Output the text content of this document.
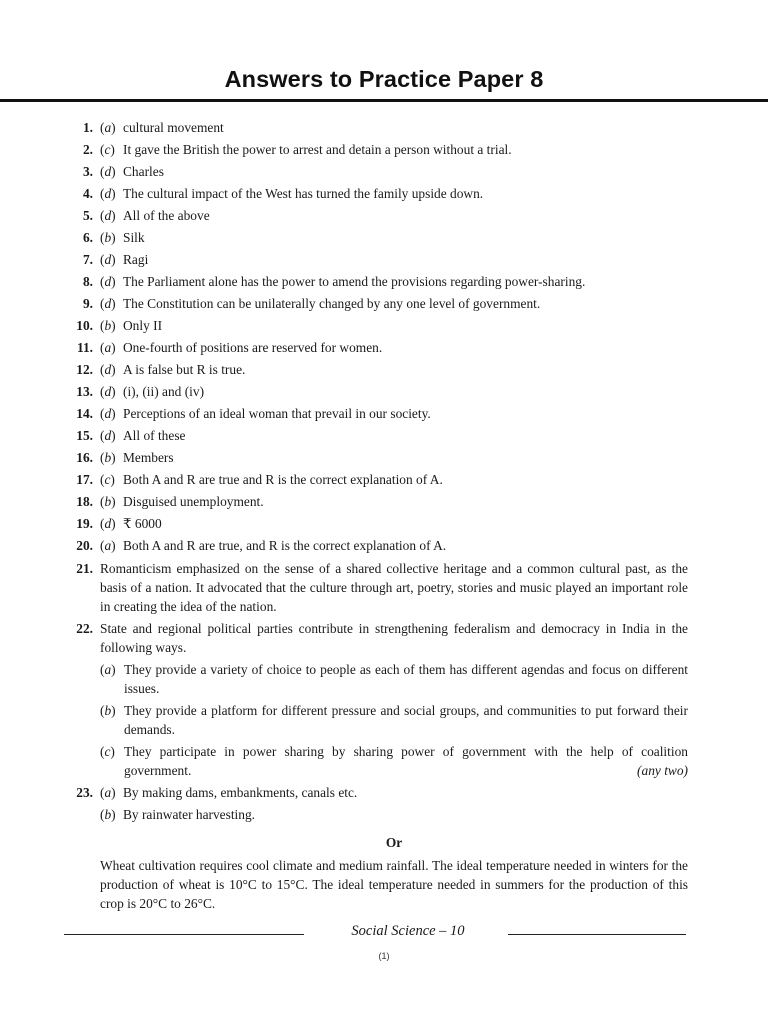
Answers to Practice Paper 8
1. (a) cultural movement
2. (c) It gave the British the power to arrest and detain a person without a trial.
3. (d) Charles
4. (d) The cultural impact of the West has turned the family upside down.
5. (d) All of the above
6. (b) Silk
7. (d) Ragi
8. (d) The Parliament alone has the power to amend the provisions regarding power-sharing.
9. (d) The Constitution can be unilaterally changed by any one level of government.
10. (b) Only II
11. (a) One-fourth of positions are reserved for women.
12. (d) A is false but R is true.
13. (d) (i), (ii) and (iv)
14. (d) Perceptions of an ideal woman that prevail in our society.
15. (d) All of these
16. (b) Members
17. (c) Both A and R are true and R is the correct explanation of A.
18. (b) Disguised unemployment.
19. (d) ₹ 6000
20. (a) Both A and R are true, and R is the correct explanation of A.
21. Romanticism emphasized on the sense of a shared collective heritage and a common cultural past, as the basis of a nation. It advocated that the culture through art, poetry, stories and music played an important role in creating the idea of the nation.
22. State and regional political parties contribute in strengthening federalism and democracy in India in the following ways.
(a) They provide a variety of choice to people as each of them has different agendas and focus on different issues.
(b) They provide a platform for different pressure and social groups, and communities to put forward their demands.
(c) They participate in power sharing by sharing power of government with the help of coalition government.	(any two)
23. (a) By making dams, embankments, canals etc.
(b) By rainwater harvesting.
Or
Wheat cultivation requires cool climate and medium rainfall. The ideal temperature needed in winters for the production of wheat is 10°C to 15°C. The ideal temperature needed in summers for the production of this crop is 20°C to 26°C.
Social Science – 10
(1)
